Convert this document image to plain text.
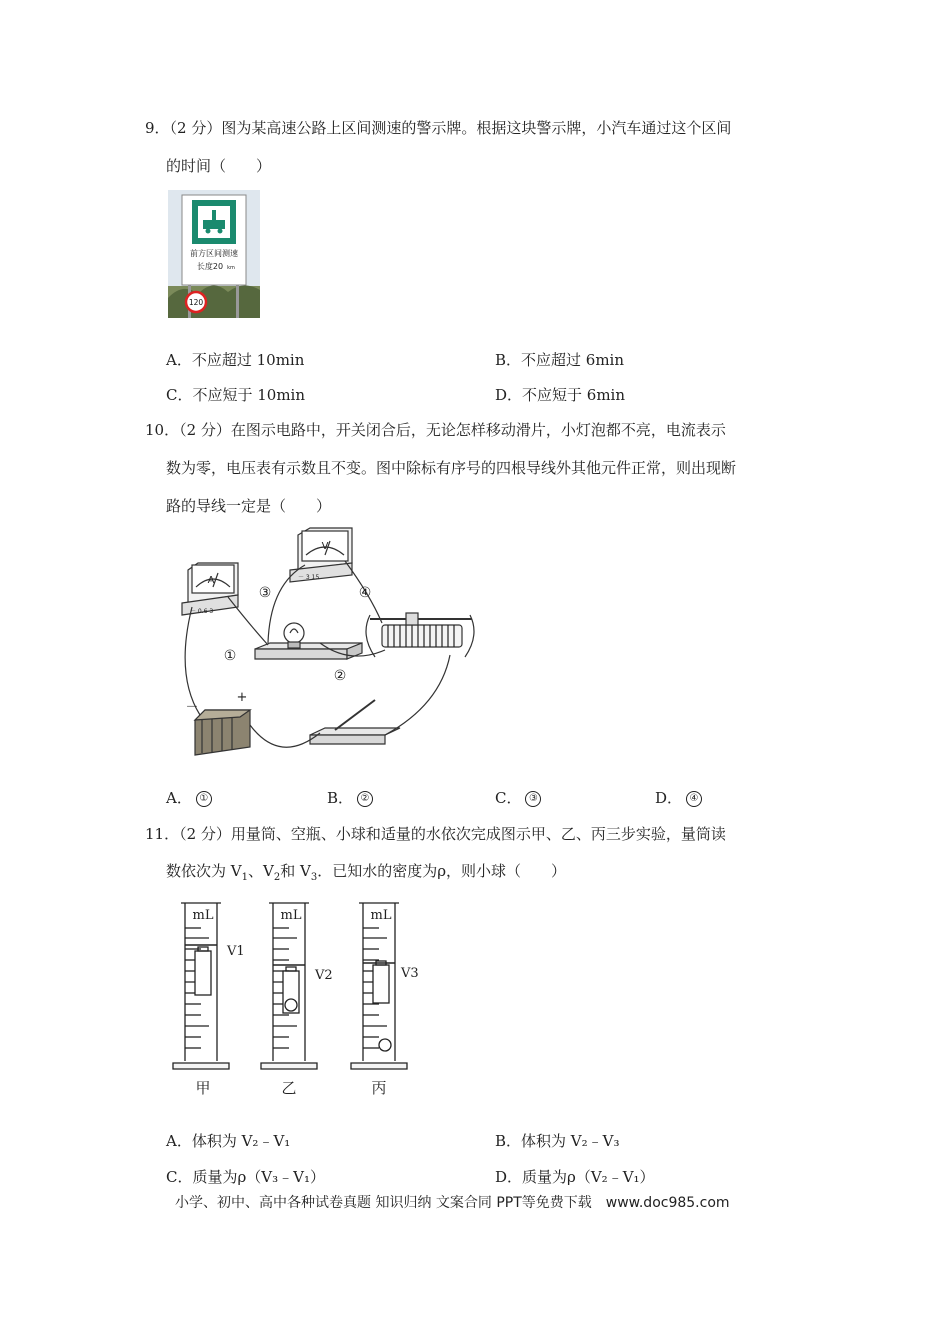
9．（2 分）图为某高速公路上区间测速的警示牌。根据这块警示牌，小汽车通过这个区间
的时间（　　）
前方区间测速
长度20 km
120
A．不应超过 10min	B．不应超过 6min
C．不应短于 10min	D．不应短于 6min
10．（2 分）在图示电路中，开关闭合后，无论怎样移动滑片，小灯泡都不亮，电流表示
数为零，电压表有示数且不变。图中除标有序号的四根导线外其他元件正常，则出现断
路的导线一定是（　　）
A
V
－ 0.6 3
－ 3 15
①
②
③	④
－
+
A． ①	B． ②	C． ③	D． ④
11．（2 分）用量筒、空瓶、小球和适量的水依次完成图示甲、乙、丙三步实验，量筒读
数依次为 $V_1$、$V_2$和 $V_3$．已知水的密度为ρ，则小球（　　）
mL	mL	mL
V1
V2	V3
甲	乙	丙
A．体积为 V₂﹣V₁	B．体积为 V₂﹣V₃
C．质量为ρ（V₃﹣V₁）	D．质量为ρ（V₂﹣V₁）
小学、初中、高中各种试卷真题 知识归纳 文案合同 PPT等免费下载　www.doc985.com
